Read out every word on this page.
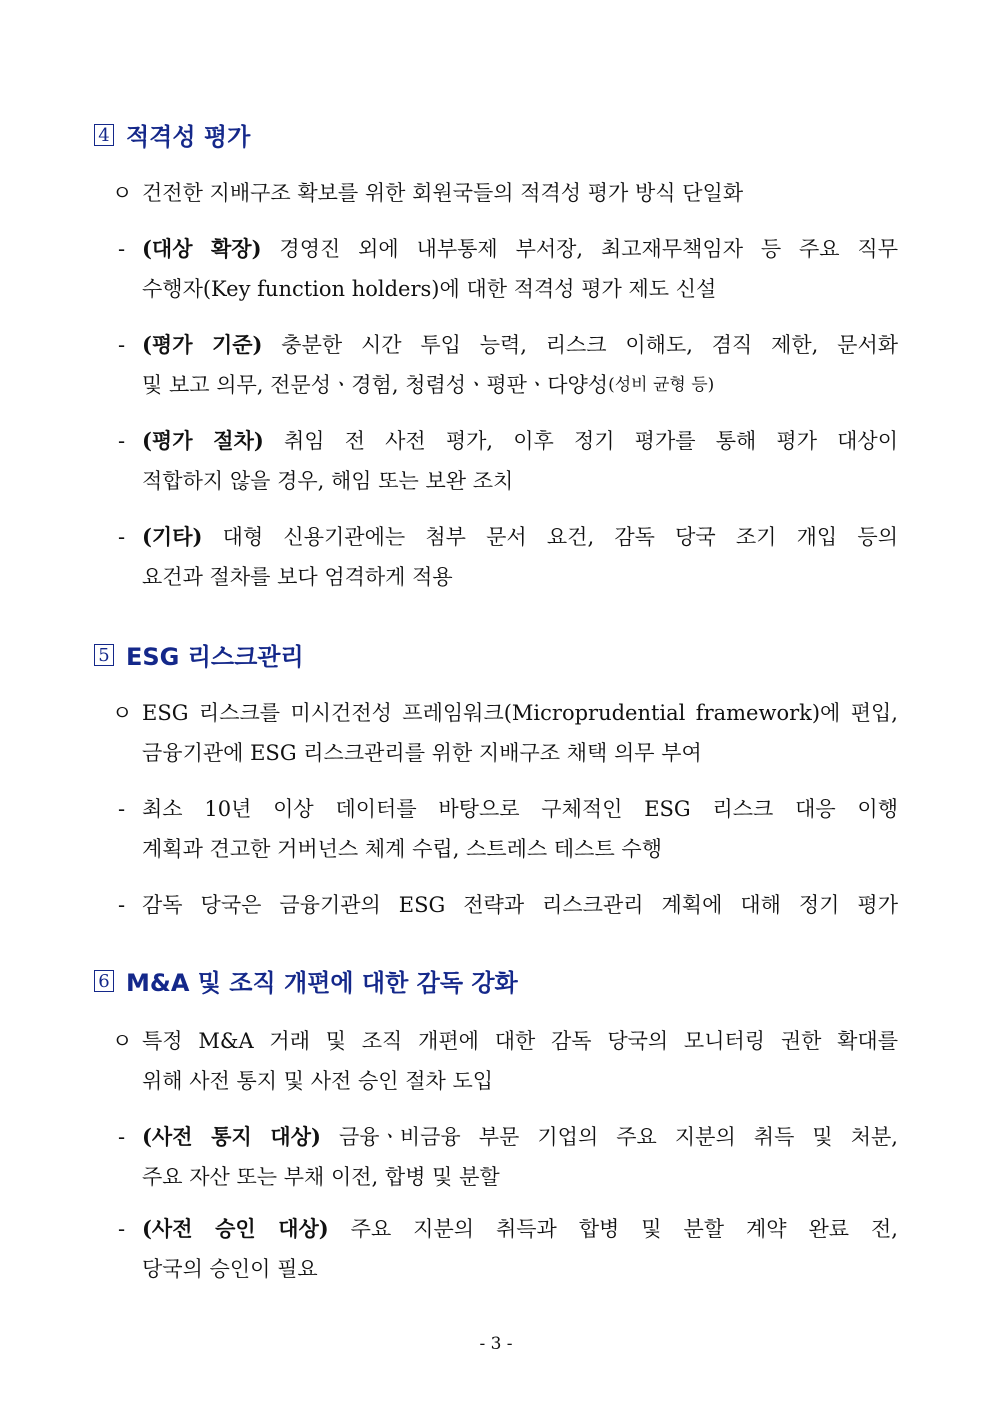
4 적격성 평가
ㅇ 건전한 지배구조 확보를 위한 회원국들의 적격성 평가 방식 단일화
- (대상 확장) 경영진 외에 내부통제 부서장, 최고재무책임자 등 주요 직무
수행자(Key function holders)에 대한 적격성 평가 제도 신설
- (평가 기준) 충분한 시간 투입 능력, 리스크 이해도, 겸직 제한, 문서화
및 보고 의무, 전문성ㆍ경험, 청렴성ㆍ평판ㆍ다양성 (성비 균형 등)
- (평가 절차) 취임 전 사전 평가, 이후 정기 평가를 통해 평가 대상이
적합하지 않을 경우, 해임 또는 보완 조치
- (기타) 대형 신용기관에는 첨부 문서 요건, 감독 당국 조기 개입 등의
요건과 절차를 보다 엄격하게 적용
5 ESG 리스크관리
ㅇ ESG 리스크를 미시건전성 프레임워크(Microprudential framework)에 편입,
금융기관에 ESG 리스크관리를 위한 지배구조 채택 의무 부여
- 최소 10년 이상 데이터를 바탕으로 구체적인 ESG 리스크 대응 이행
계획과 견고한 거버넌스 체계 수립, 스트레스 테스트 수행
- 감독 당국은 금융기관의 ESG 전략과 리스크관리 계획에 대해 정기 평가
6 M&A 및 조직 개편에 대한 감독 강화
ㅇ 특정 M&A 거래 및 조직 개편에 대한 감독 당국의 모니터링 권한 확대를
위해 사전 통지 및 사전 승인 절차 도입
- (사전 통지 대상) 금융ㆍ비금융 부문 기업의 주요 지분의 취득 및 처분,
주요 자산 또는 부채 이전, 합병 및 분할
- (사전 승인 대상) 주요 지분의 취득과 합병 및 분할 계약 완료 전,
당국의 승인이 필요
- 3 -
